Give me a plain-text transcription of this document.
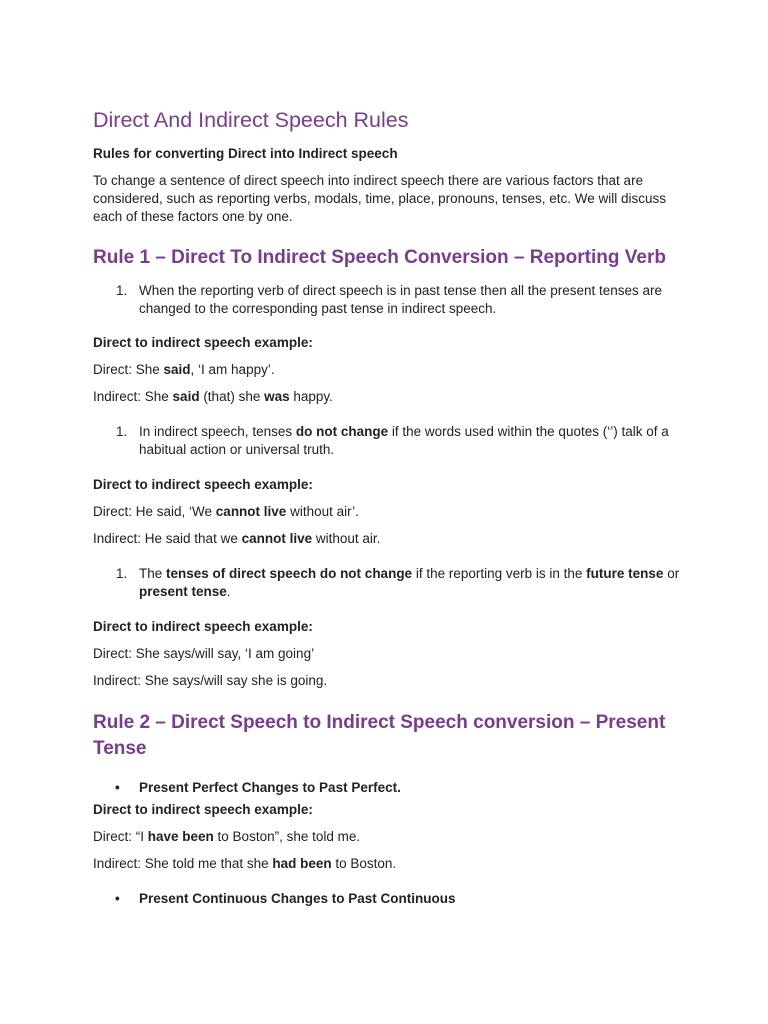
Direct And Indirect Speech Rules

Rules for converting Direct into Indirect speech

To change a sentence of direct speech into indirect speech there are various factors that are considered, such as reporting verbs, modals, time, place, pronouns, tenses, etc. We will discuss each of these factors one by one.

Rule 1 – Direct To Indirect Speech Conversion – Reporting Verb
1. When the reporting verb of direct speech is in past tense then all the present tenses are changed to the corresponding past tense in indirect speech.

Direct to indirect speech example:

Direct: She said, ‘I am happy’.

Indirect: She said (that) she was happy.

1. In indirect speech, tenses do not change if the words used within the quotes (‘’) talk of a habitual action or universal truth.

Direct to indirect speech example:

Direct: He said, ‘We cannot live without air’.

Indirect: He said that we cannot live without air.

1. The tenses of direct speech do not change if the reporting verb is in the future tense or present tense.

Direct to indirect speech example:

Direct: She says/will say, ‘I am going’

Indirect: She says/will say she is going.

Rule 2 – Direct Speech to Indirect Speech conversion – Present Tense
• Present Perfect Changes to Past Perfect.

Direct to indirect speech example:

Direct: “I have been to Boston”, she told me.

Indirect: She told me that she had been to Boston.

• Present Continuous Changes to Past Continuous
